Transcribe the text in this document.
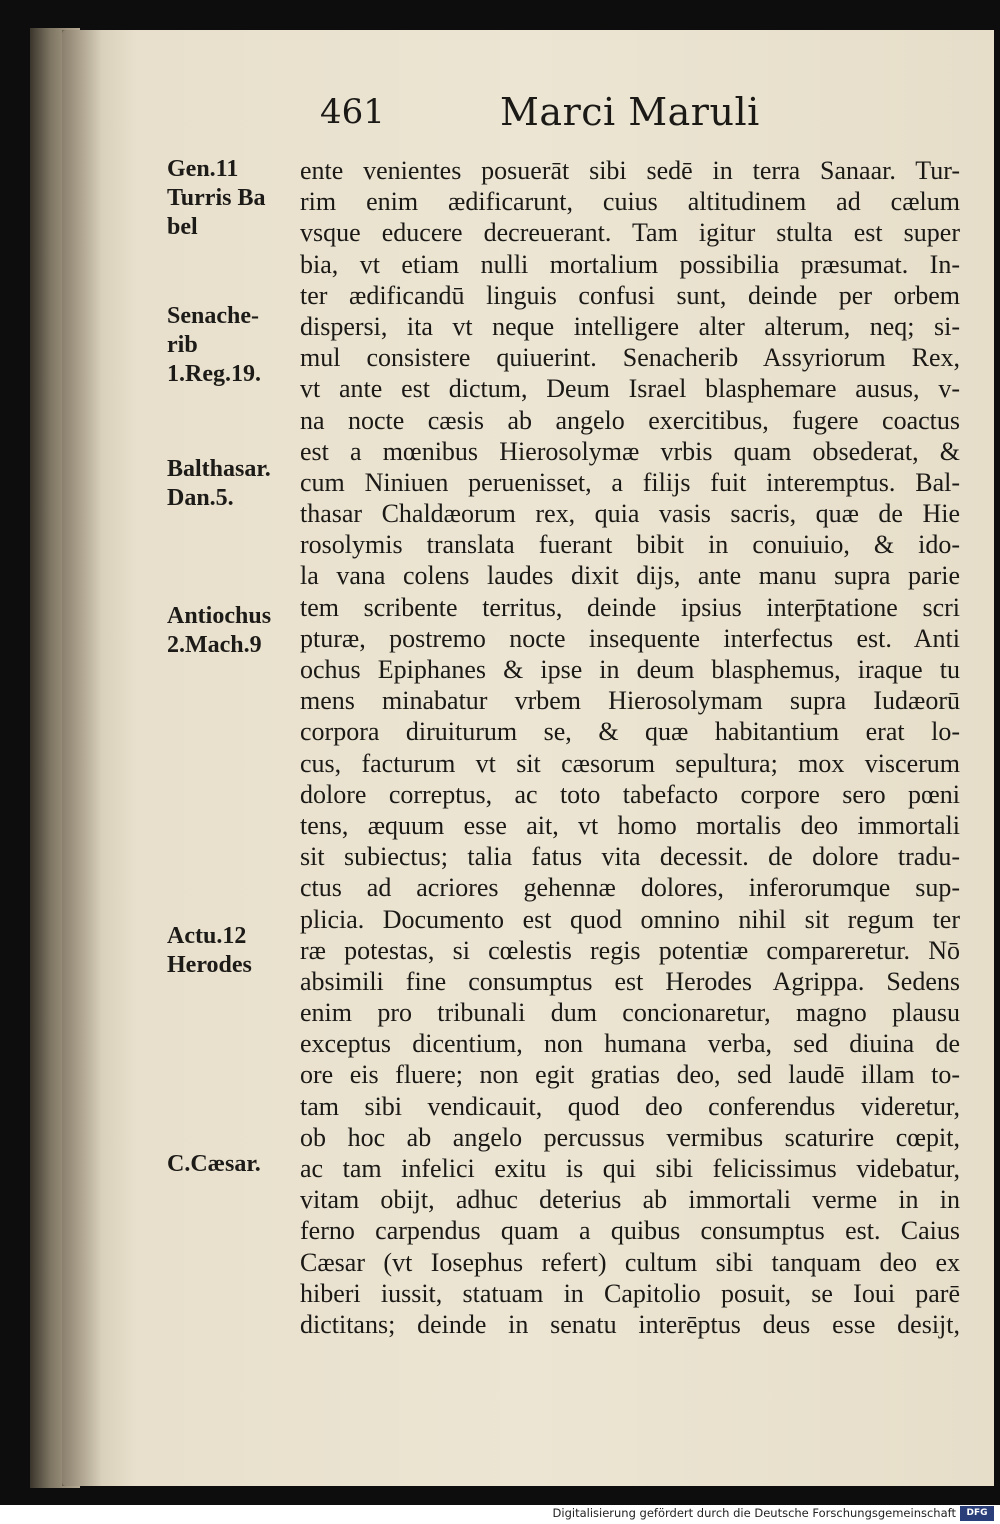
461	Marci Maruli
Gen.11
Turris Ba
bel
Senache-
rib
1.Reg.19.
Balthasar.
Dan.5.
Antiochus
2.Mach.9
Actu.12
Herodes
C.Cæsar.
ente venientes posuerāt sibi sedē in terra Sanaar. Tur-
rim enim ædificarunt, cuius altitudinem ad cælum
vsque educere decreuerant. Tam igitur stulta est super
bia, vt etiam nulli mortalium possibilia præsumat. In-
ter ædificandū linguis confusi sunt, deinde per orbem
dispersi, ita vt neque intelligere alter alterum, neq; si-
mul consistere quiuerint. Senacherib Assyriorum Rex,
vt ante est dictum, Deum Israel blasphemare ausus, v-
na nocte cæsis ab angelo exercitibus, fugere coactus
est a mœnibus Hierosolymæ vrbis quam obsederat, &
cum Niniuen peruenisset, a filijs fuit interemptus. Bal-
thasar Chaldæorum rex, quia vasis sacris, quæ de Hie
rosolymis translata fuerant bibit in conuiuio, & ido-
la vana colens laudes dixit dijs, ante manu supra parie
tem scribente territus, deinde ipsius interp̄tatione scri
pturæ, postremo nocte insequente interfectus est. Anti
ochus Epiphanes & ipse in deum blasphemus, iraque tu
mens minabatur vrbem Hierosolymam supra Iudæorū
corpora diruiturum se, & quæ habitantium erat lo-
cus, facturum vt sit cæsorum sepultura; mox viscerum
dolore correptus, ac toto tabefacto corpore sero pœni
tens, æquum esse ait, vt homo mortalis deo immortali
sit subiectus; talia fatus vita decessit. de dolore tradu-
ctus ad acriores gehennæ dolores, inferorumque sup-
plicia. Documento est quod omnino nihil sit regum ter
ræ potestas, si cœlestis regis potentiæ compareretur. Nō
absimili fine consumptus est Herodes Agrippa. Sedens
enim pro tribunali dum concionaretur, magno plausu
exceptus dicentium, non humana verba, sed diuina de
ore eis fluere; non egit gratias deo, sed laudē illam to-
tam sibi vendicauit, quod deo conferendus videretur,
ob hoc ab angelo percussus vermibus scaturire cœpit,
ac tam infelici exitu is qui sibi felicissimus videbatur,
vitam obijt, adhuc deterius ab immortali verme in in
ferno carpendus quam a quibus consumptus est. Caius
Cæsar (vt Iosephus refert) cultum sibi tanquam deo ex
hiberi iussit, statuam in Capitolio posuit, se Ioui parē
dictitans; deinde in senatu interēptus deus esse desijt,
Digitalisierung gefördert durch die Deutsche Forschungsgemeinschaft	DFG
